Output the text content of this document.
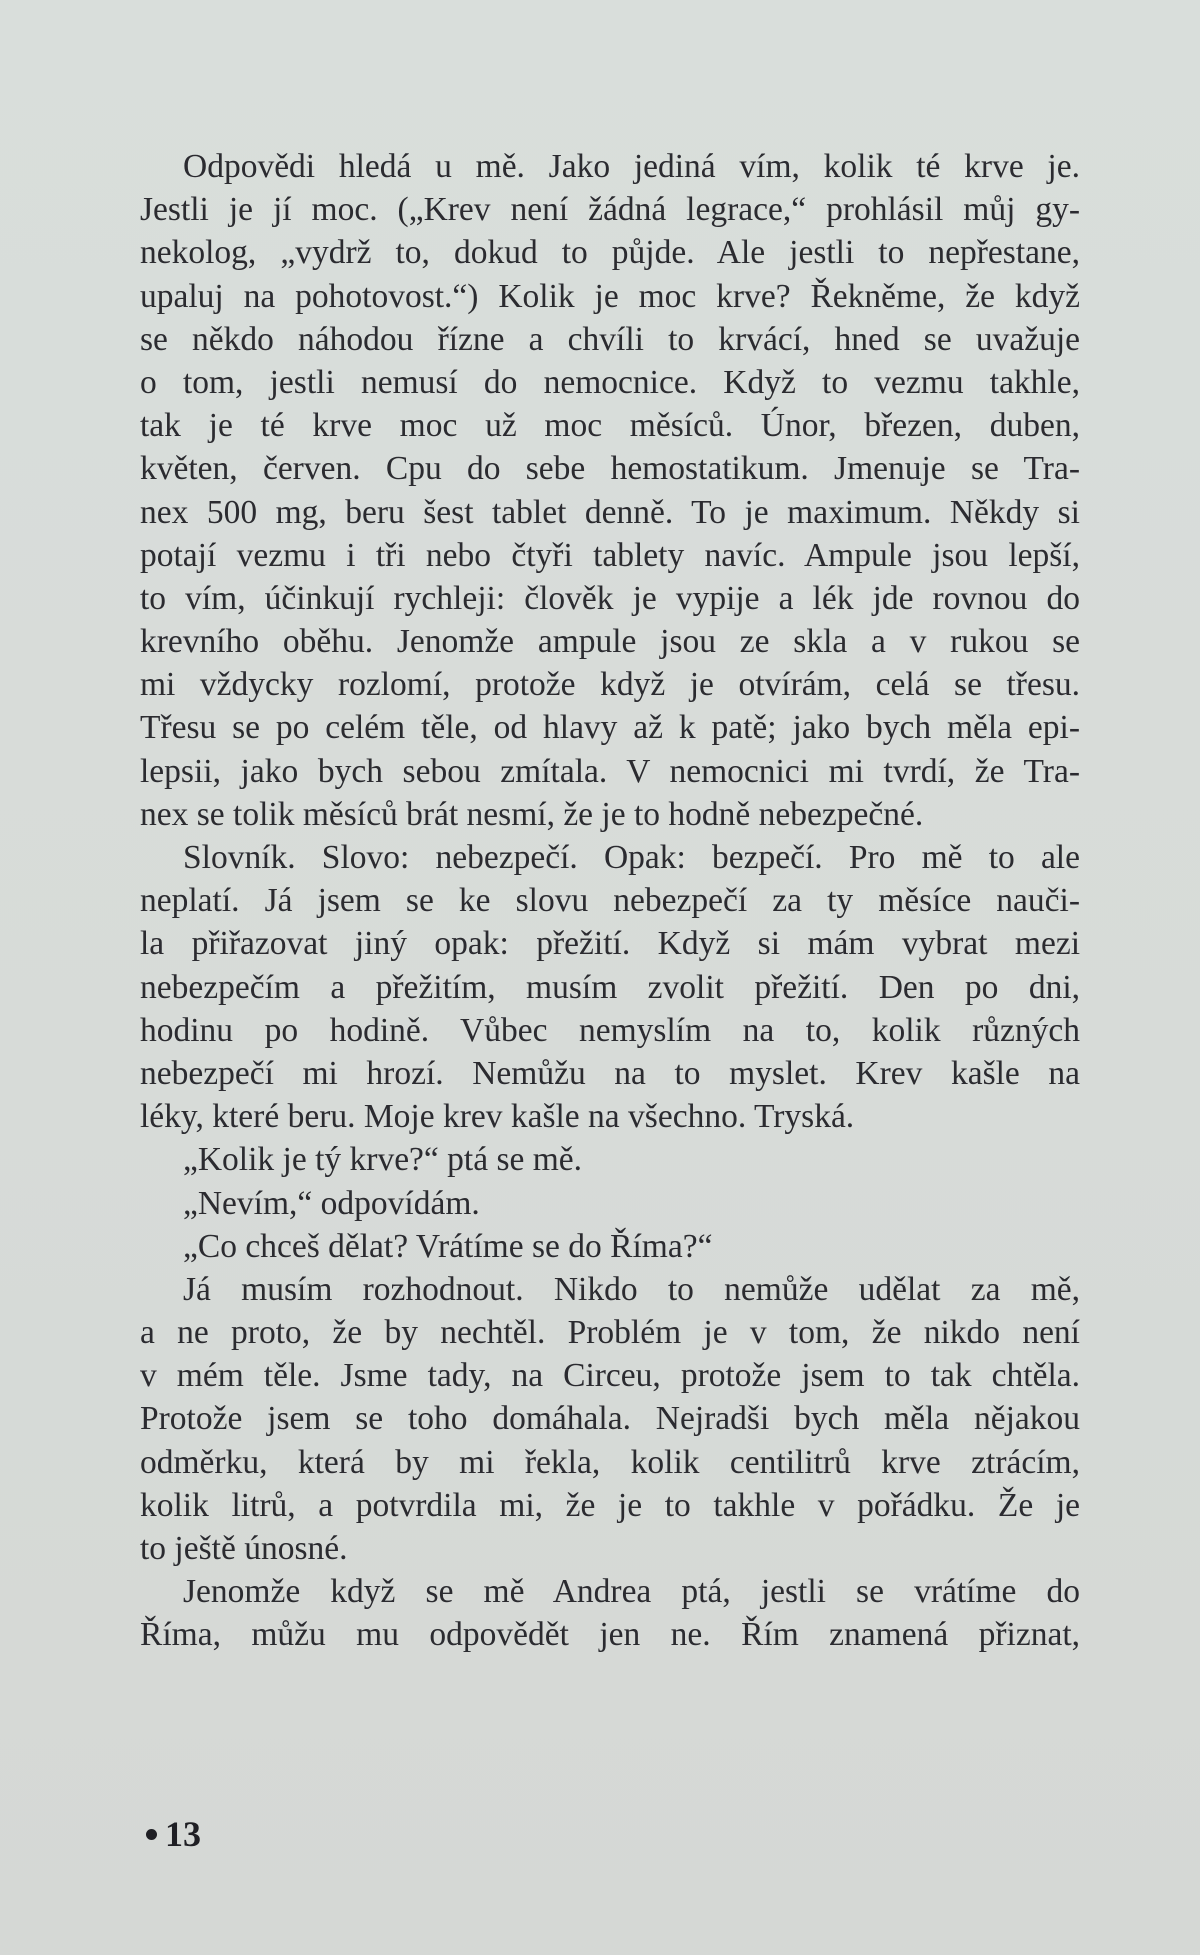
Odpovědi hledá u mě. Jako jediná vím, kolik té krve je.
Jestli je jí moc. („Krev není žádná legrace,“ prohlásil můj gy-
nekolog, „vydrž to, dokud to půjde. Ale jestli to nepřestane,
upaluj na pohotovost.“) Kolik je moc krve? Řekněme, že když
se někdo náhodou řízne a chvíli to krvácí, hned se uvažuje
o tom, jestli nemusí do nemocnice. Když to vezmu takhle,
tak je té krve moc už moc měsíců. Únor, březen, duben,
květen, červen. Cpu do sebe hemostatikum. Jmenuje se Tra-
nex 500 mg, beru šest tablet denně. To je maximum. Někdy si
potají vezmu i tři nebo čtyři tablety navíc. Ampule jsou lepší,
to vím, účinkují rychleji: člověk je vypije a lék jde rovnou do
krevního oběhu. Jenomže ampule jsou ze skla a v rukou se
mi vždycky rozlomí, protože když je otvírám, celá se třesu.
Třesu se po celém těle, od hlavy až k patě; jako bych měla epi-
lepsii, jako bych sebou zmítala. V nemocnici mi tvrdí, že Tra-
nex se tolik měsíců brát nesmí, že je to hodně nebezpečné.
Slovník. Slovo: nebezpečí. Opak: bezpečí. Pro mě to ale
neplatí. Já jsem se ke slovu nebezpečí za ty měsíce nauči-
la přiřazovat jiný opak: přežití. Když si mám vybrat mezi
nebezpečím a přežitím, musím zvolit přežití. Den po dni,
hodinu po hodině. Vůbec nemyslím na to, kolik různých
nebezpečí mi hrozí. Nemůžu na to myslet. Krev kašle na
léky, které beru. Moje krev kašle na všechno. Tryská.
„Kolik je tý krve?“ ptá se mě.
„Nevím,“ odpovídám.
„Co chceš dělat? Vrátíme se do Říma?“
Já musím rozhodnout. Nikdo to nemůže udělat za mě,
a ne proto, že by nechtěl. Problém je v tom, že nikdo není
v mém těle. Jsme tady, na Circeu, protože jsem to tak chtěla.
Protože jsem se toho domáhala. Nejradši bych měla nějakou
odměrku, která by mi řekla, kolik centilitrů krve ztrácím,
kolik litrů, a potvrdila mi, že je to takhle v pořádku. Že je
to ještě únosné.
Jenomže když se mě Andrea ptá, jestli se vrátíme do
Říma, můžu mu odpovědět jen ne. Řím znamená přiznat,
13
